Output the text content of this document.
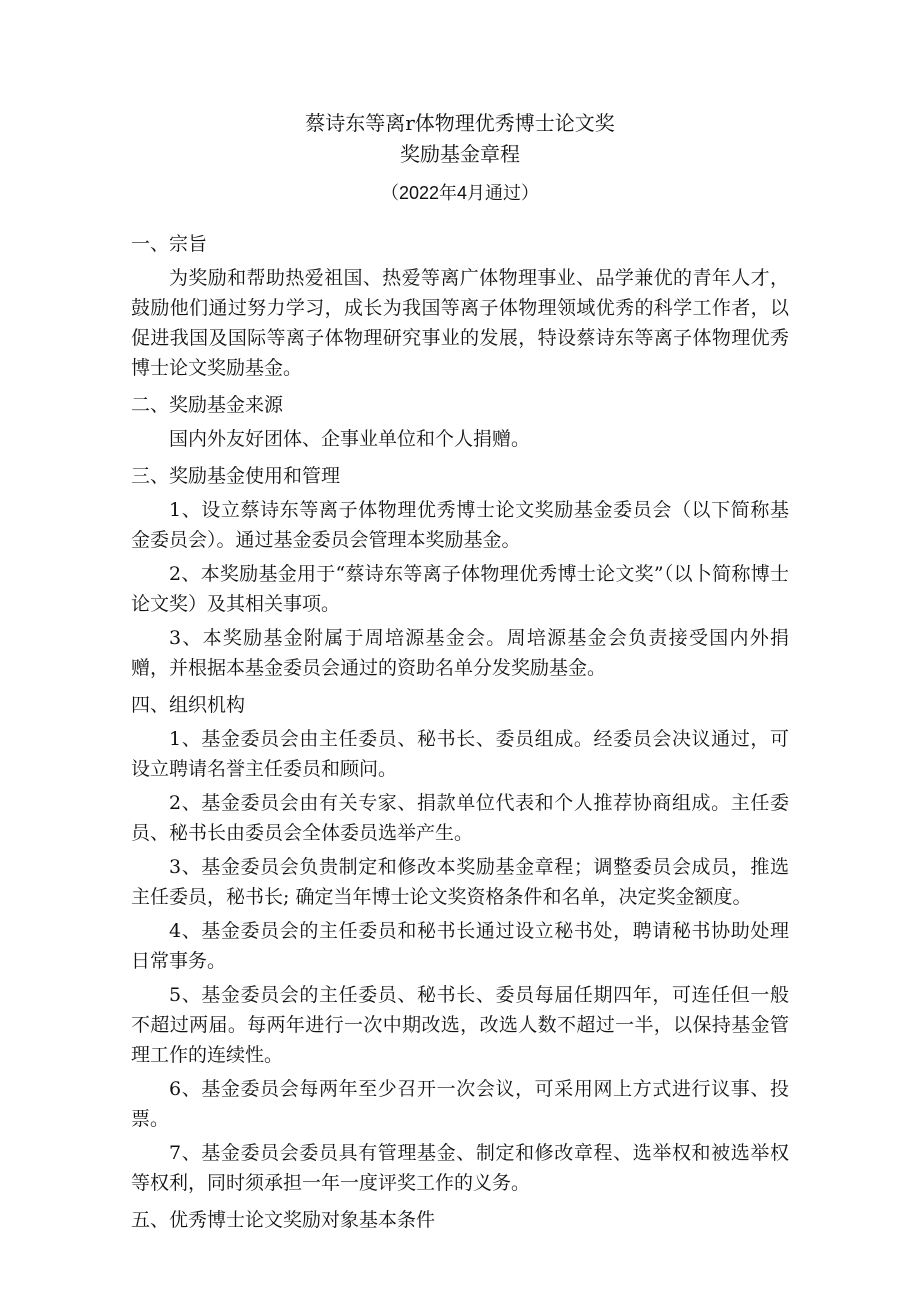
蔡诗东等离r体物理优秀博士论文奖
奖励基金章程
（2022年4月通过）
一、宗旨

为奖励和帮助热爱祖国、热爱等离广体物理事业、品学兼优的青年人才，鼓励他们通过努力学习，成长为我国等离子体物理领域优秀的科学工作者，以促进我国及国际等离子体物理研究事业的发展，特设蔡诗东等离子体物理优秀博士论文奖励基金。

二、奖励基金来源

国内外友好团体、企事业单位和个人捐赠。

三、奖励基金使用和管理

1、设立蔡诗东等离子体物理优秀博士论文奖励基金委员会（以下简称基金委员会）。通过基金委员会管理本奖励基金。

2、本奖励基金用于“蔡诗东等离子体物理优秀博士论文奖”（以卜简称博士论文奖）及其相关事项。

3、本奖励基金附属于周培源基金会。周培源基金会负责接受国内外捐赠，并根据本基金委员会通过的资助名单分发奖励基金。

四、组织机构

1、基金委员会由主任委员、秘书长、委员组成。经委员会决议通过，可设立聘请名誉主任委员和顾问。

2、基金委员会由有关专家、捐款单位代表和个人推荐协商组成。主任委员、秘书长由委员会全体委员选举产生。

3、基金委员会负贵制定和修改本奖励基金章程；调整委员会成员，推选主任委员，秘书长; 确定当年博士论文奖资格条件和名单，决定奖金额度。

4、基金委员会的主任委员和秘书长通过设立秘书处，聘请秘书协助处理日常事务。

5、基金委员会的主任委员、秘书长、委员每届任期四年，可连任但一般不超过两届。每两年进行一次中期改选，改选人数不超过一半，以保持基金管理工作的连续性。

6、基金委员会每两年至少召开一次会议，可采用网上方式进行议事、投票。

7、基金委员会委员具有管理基金、制定和修改章程、选举权和被选举权等权利，同时须承担一年一度评奖工作的义务。

五、优秀博士论文奖励对象基本条件
